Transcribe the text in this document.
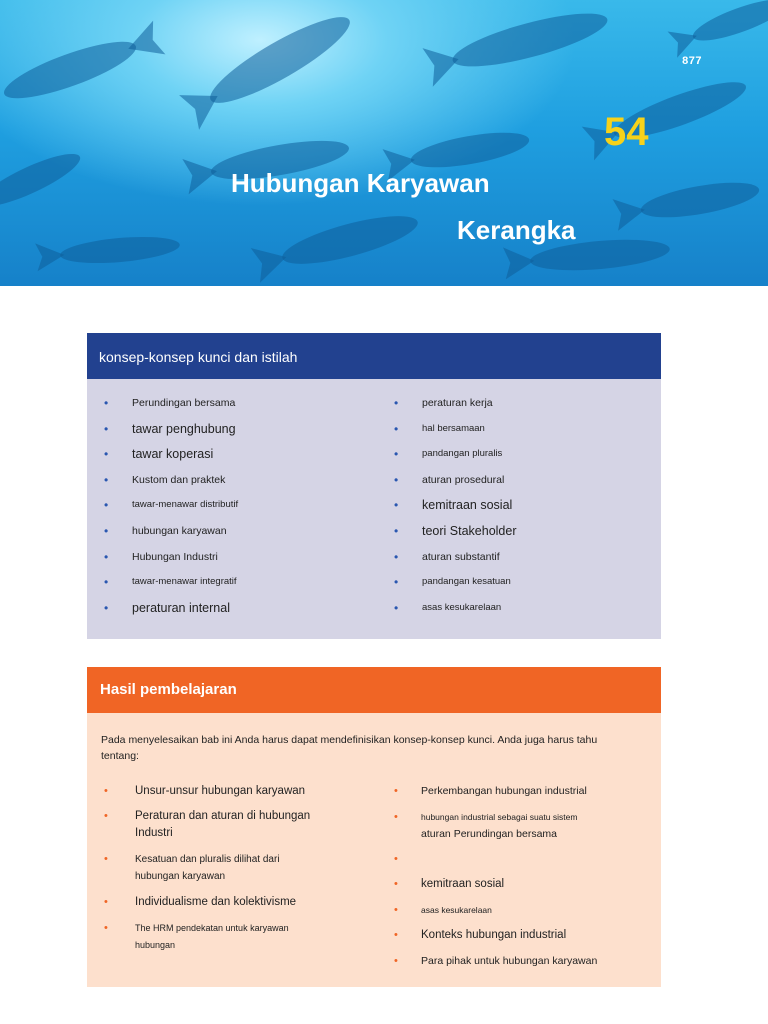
877
54
Hubungan Karyawan
Kerangka
konsep-konsep kunci dan istilah
• Perundingan bersama
• tawar penghubung
• tawar koperasi
• Kustom dan praktek
•	tawar-menawar distributif
• hubungan karyawan
• Hubungan Industri
•	tawar-menawar integratif
• peraturan internal
• peraturan kerja
•	hal bersamaan
•	pandangan pluralis
• aturan prosedural
• kemitraan sosial
• teori Stakeholder
• aturan substantif
•	pandangan kesatuan
•	asas kesukarelaan
Hasil pembelajaran
Pada menyelesaikan bab ini Anda harus dapat mendefinisikan konsep-konsep kunci. Anda juga harus tahu tentang:
• Unsur-unsur hubungan karyawan
• Peraturan dan aturan di hubungan Industri
•	Kesatuan dan pluralis dilihat dari hubungan karyawan
• Individualisme dan kolektivisme
•	The HRM pendekatan untuk karyawan hubungan
• Perkembangan hubungan industrial
•	hubungan industrial sebagai suatu sistem
aturan Perundingan bersama
•
• kemitraan sosial
•	asas kesukarelaan
• Konteks hubungan industrial
• Para pihak untuk hubungan karyawan
